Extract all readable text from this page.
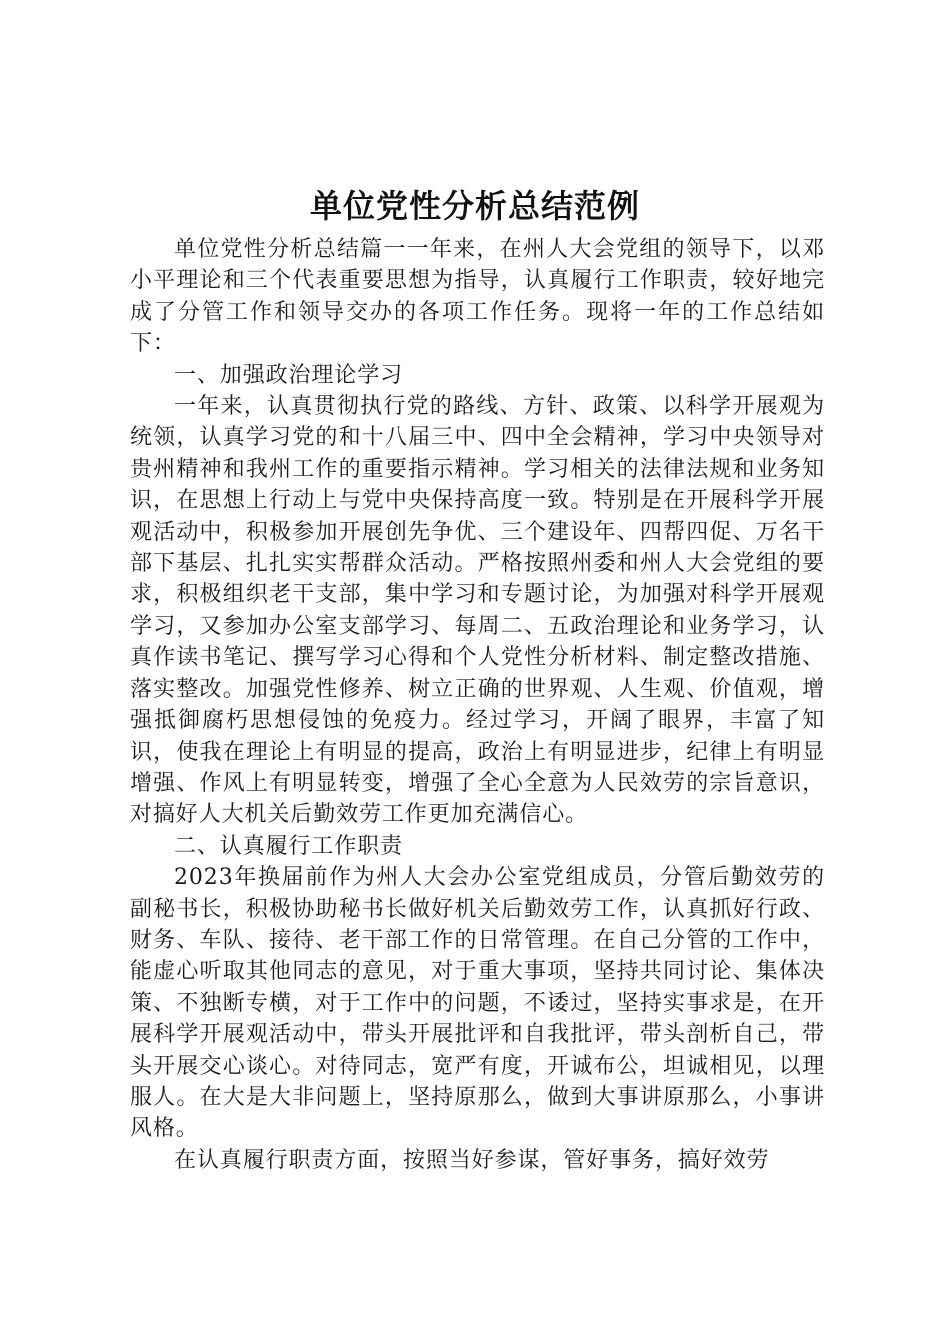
单位党性分析总结范例

单位党性分析总结篇一一年来，在州人大会党组的领导下，以邓小平理论和三个代表重要思想为指导，认真履行工作职责，较好地完成了分管工作和领导交办的各项工作任务。现将一年的工作总结如下：

一、加强政治理论学习

一年来，认真贯彻执行党的路线、方针、政策、以科学开展观为统领，认真学习党的和十八届三中、四中全会精神，学习中央领导对贵州精神和我州工作的重要指示精神。学习相关的法律法规和业务知识，在思想上行动上与党中央保持高度一致。特别是在开展科学开展观活动中，积极参加开展创先争优、三个建设年、四帮四促、万名干部下基层、扎扎实实帮群众活动。严格按照州委和州人大会党组的要求，积极组织老干支部，集中学习和专题讨论，为加强对科学开展观学习，又参加办公室支部学习、每周二、五政治理论和业务学习，认真作读书笔记、撰写学习心得和个人党性分析材料、制定整改措施、落实整改。加强党性修养、树立正确的世界观、人生观、价值观，增强抵御腐朽思想侵蚀的免疫力。经过学习，开阔了眼界，丰富了知识，使我在理论上有明显的提高，政治上有明显进步，纪律上有明显增强、作风上有明显转变，增强了全心全意为人民效劳的宗旨意识，对搞好人大机关后勤效劳工作更加充满信心。

二、认真履行工作职责

2023年换届前作为州人大会办公室党组成员，分管后勤效劳的副秘书长，积极协助秘书长做好机关后勤效劳工作，认真抓好行政、财务、车队、接待、老干部工作的日常管理。在自己分管的工作中，能虚心听取其他同志的意见，对于重大事项，坚持共同讨论、集体决策、不独断专横，对于工作中的问题，不诿过，坚持实事求是，在开展科学开展观活动中，带头开展批评和自我批评，带头剖析自己，带头开展交心谈心。对待同志，宽严有度，开诚布公，坦诚相见，以理服人。在大是大非问题上，坚持原那么，做到大事讲原那么，小事讲风格。

在认真履行职责方面，按照当好参谋，管好事务，搞好效劳
